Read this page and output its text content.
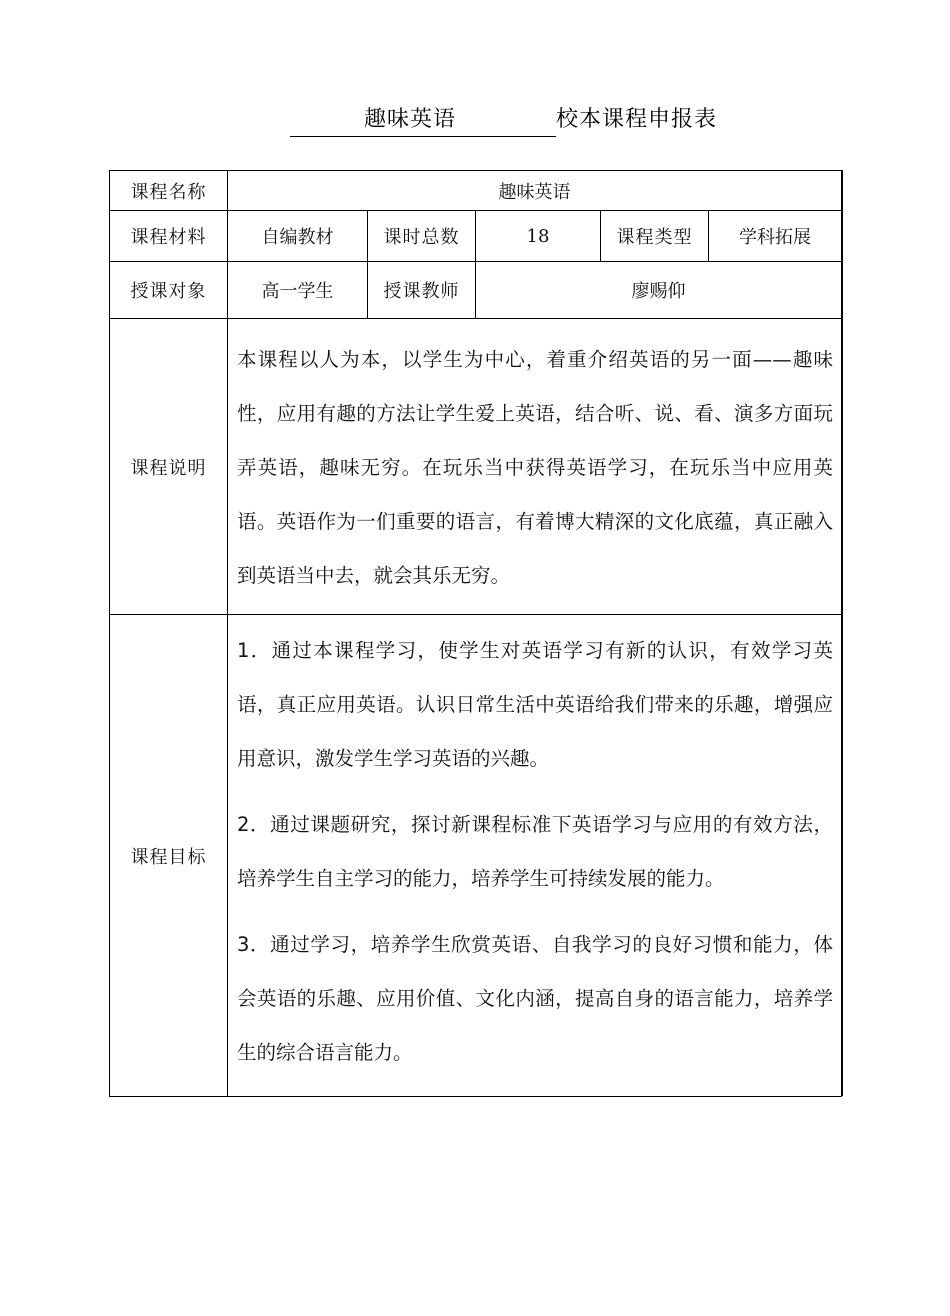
趣味英语	校本课程申报表
课程名称	趣味英语				
课程材料	自编教材	课时总数	18	课程类型	学科拓展
授课对象	高一学生	授课教师	廖赐仰		
课程说明	本课程以人为本，以学生为中心，着重介绍英语的另一面——趣味性，应用有趣的方法让学生爱上英语，结合听、说、看、演多方面玩弄英语，趣味无穷。在玩乐当中获得英语学习，在玩乐当中应用英语。英语作为一们重要的语言，有着博大精深的文化底蕴，真正融入到英语当中去，就会其乐无穷。				

课程目标	1．通过本课程学习，使学生对英语学习有新的认识，有效学习英语，真正应用英语。认识日常生活中英语给我们带来的乐趣，增强应用意识，激发学生学习英语的兴趣。

2．通过课题研究，探讨新课程标准下英语学习与应用的有效方法，培养学生自主学习的能力，培养学生可持续发展的能力。

3．通过学习，培养学生欣赏英语、自我学习的良好习惯和能力，体会英语的乐趣、应用价值、文化内涵，提高自身的语言能力，培养学生的综合语言能力。				
